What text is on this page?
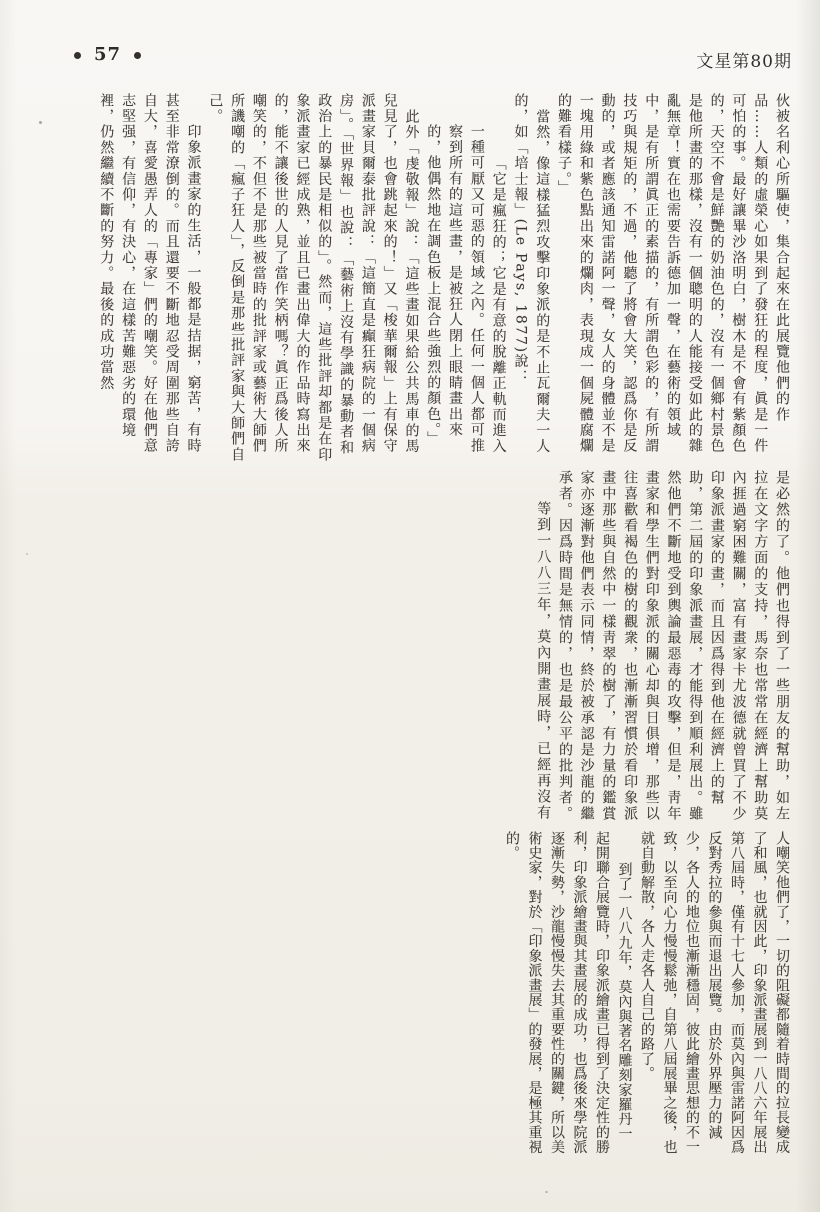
57	文星第80期

伙被名利心所驅使，集合起來在此展覽他們的作品……人類的虛榮心如果到了發狂的程度，眞是一件可怕的事。最好讓畢沙洛明白，樹木是不會有紫顏色的，天空不會是鮮艷的奶油色的，沒有一個鄉村景色是他所畫的那樣，沒有一個聰明的人能接受如此的雜亂無章！實在也需要告訴德加一聲，在藝術的領域中，是有所謂眞正的素描的，有所謂色彩的，有所謂技巧與規矩的，不過，他聽了將會大笑，認爲你是反動的，或者應該通知雷諾阿一聲，女人的身體並不是一塊用綠和紫色點出來的爛肉，表現成一個屍體腐爛的難看樣子。」

當然，像這樣猛烈攻擊印象派的是不止瓦爾夫一人的，如「培士報」(Le Pays, 1877)說：

「它是瘋狂的；它是有意的脫離正軌而進入一種可厭又可惡的領域之內。任何一個人都可推察到所有的這些畫，是被狂人閉上眼睛畫出來的，他偶然地在調色板上混合些強烈的顏色。」

此外「虔敬報」說：「這些畫如果給公共馬車的馬兒見了，也會跳起來的！」又「梭華爾報」上有保守派畫家貝爾泰批評說：「這簡直是癲狂病院的一個病房」。「世界報」也說：「藝術上沒有學識的暴動者和政治上的暴民是相似的」。然而，這些批評却都是在印象派畫家已經成熟，並且已畫出偉大的作品時寫出來的，能不讓後世的人見了當作笑柄嗎？眞正爲後人所嘲笑的，不但不是那些被當時的批評家或藝術大師們所譏嘲的「瘋子狂人」，反倒是那些批評家與大師們自己。

印象派畫家的生活，一般都是拮据，窮苦，有時甚至非常潦倒的。而且還要不斷地忍受周圍那些自誇自大，喜愛愚弄人的「專家」們的嘲笑。好在他們意志堅强，有信仰，有決心，在這樣苦難惡劣的環境裡，仍然繼續不斷的努力。最後的成功當然

是必然的了。他們也得到了一些朋友的幫助，如左拉在文字方面的支持，馬奈也常常在經濟上幫助莫內捱過窮困難關，富有畫家卡尤波德就曾買了不少印象派畫家的畫，而且因爲得到他在經濟上的幫助，第二屆的印象派畫展，才能得到順利展出。雖然他們不斷地受到輿論最惡毒的攻擊，但是，靑年畫家和學生們對印象派的關心却與日俱增，那些以往喜歡看褐色的樹的觀衆，也漸漸習慣於看印象派畫中那些與自然中一樣靑翠的樹了，有力量的鑑賞家亦逐漸對他們表示同情，終於被承認是沙龍的繼承者。因爲時間是無情的，也是最公平的批判者。

等到一八八三年，莫內開畫展時，已經再沒有

人嘲笑他們了，一切的阻礙都隨着時間的拉長變成了和風，也就因此，印象派畫展到一八八六年展出第八屆時，僅有十七人參加，而莫內與雷諾阿因爲反對秀拉的參與而退出展覽。由於外界壓力的減少，各人的地位也漸漸穩固，彼此繪畫思想的不一致，以至向心力慢慢鬆弛，自第八屆展畢之後，也就自動解散，各人走各人自己的路了。

到了一八八九年，莫內與著名雕刻家羅丹一起開聯合展覽時，印象派繪畫已得到了決定性的勝利，印象派繪畫與其畫展的成功，也爲後來學院派逐漸失勢，沙龍慢慢失去其重要性的關鍵，所以美術史家，對於「印象派畫展」的發展，是極其重視的。
